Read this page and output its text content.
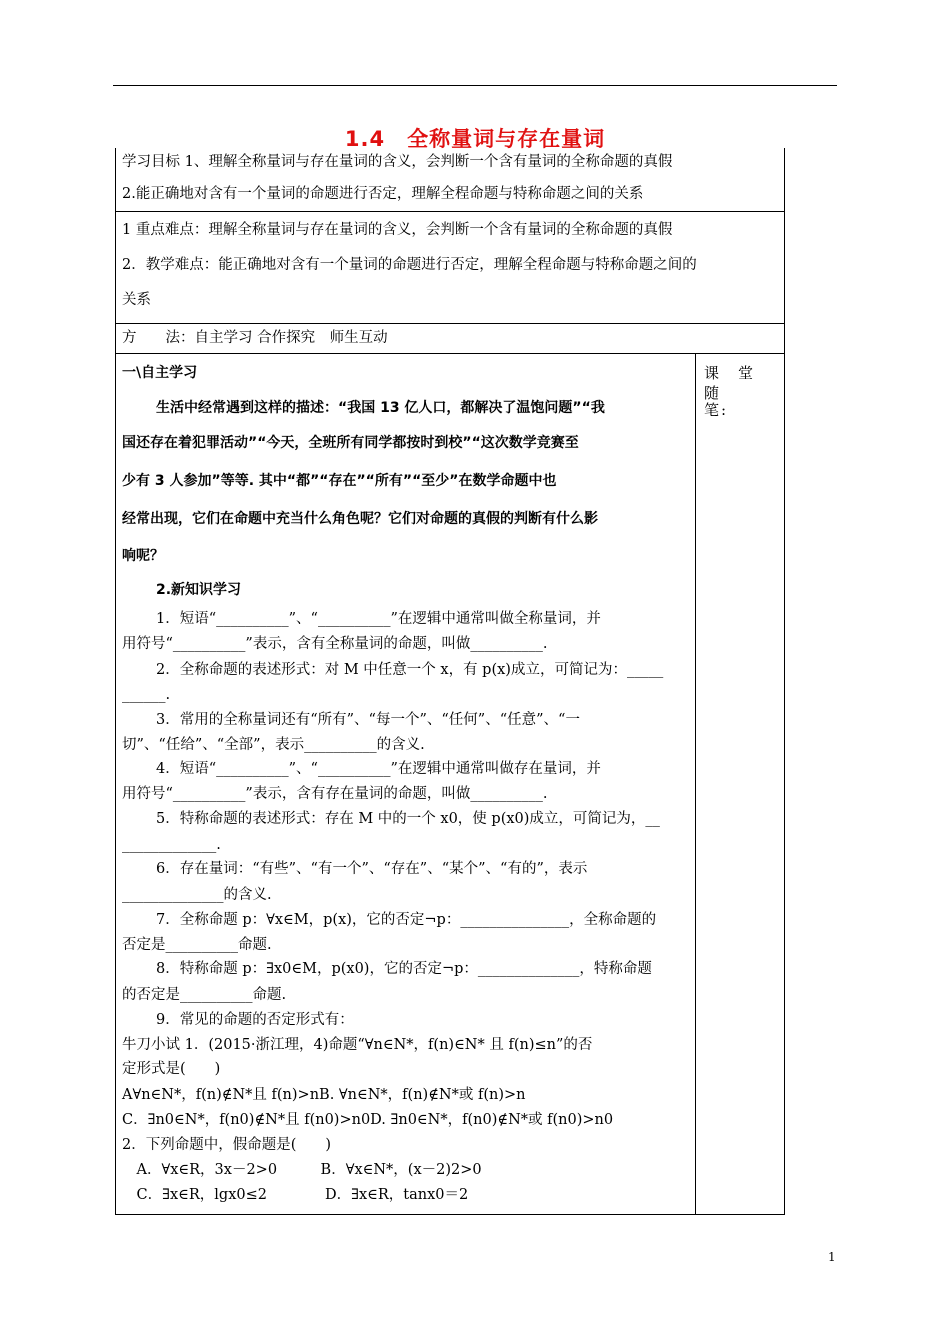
1.4 全称量词与存在量词
学习目标 1、理解全称量词与存在量词的含义，会判断一个含有量词的全称命题的真假
2.能正确地对含有一个量词的命题进行否定，理解全程命题与特称命题之间的关系
1 重点难点：理解全称量词与存在量词的含义，会判断一个含有量词的全称命题的真假
2．教学难点：能正确地对含有一个量词的命题进行否定，理解全程命题与特称命题之间的
关系
方　　法：自主学习 合作探究　师生互动
一\自主学习
生活中经常遇到这样的描述：“我国 13 亿人口，都解决了温饱问题”“我
国还存在着犯罪活动”“今天，全班所有同学都按时到校”“这次数学竞赛至
少有 3 人参加”等等. 其中“都”“存在”“所有”“至少”在数学命题中也
经常出现，它们在命题中充当什么角色呢？它们对命题的真假的判断有什么影
响呢？
2.新知识学习
1．短语“__________”、“__________”在逻辑中通常叫做全称量词，并
用符号“__________”表示，含有全称量词的命题，叫做__________.
2．全称命题的表述形式：对 M 中任意一个 x，有 p(x)成立，可简记为：_____
______.
3．常用的全称量词还有“所有”、“每一个”、“任何”、“任意”、“一
切”、“任给”、“全部”，表示__________的含义.
4．短语“__________”、“__________”在逻辑中通常叫做存在量词，并
用符号“__________”表示，含有存在量词的命题，叫做__________.
5．特称命题的表述形式：存在 M 中的一个 x0，使 p(x0)成立，可简记为，__
_____________.
6．存在量词：“有些”、“有一个”、“存在”、“某个”、“有的”，表示
______________的含义.
7．全称命题 p：∀x∈M，p(x)，它的否定¬p：_______________，全称命题的
否定是__________命题.
8．特称命题 p：∃x0∈M，p(x0)，它的否定¬p：______________，特称命题
的否定是__________命题.
9．常见的命题的否定形式有：
牛刀小试 1．(2015·浙江理，4)命题“∀n∈N*，f(n)∈N* 且 f(n)≤n”的否
定形式是(　　)
A∀n∈N*，f(n)∉N*且 f(n)>nB. ∀n∈N*，f(n)∉N*或 f(n)>n
C．∃n0∈N*，f(n0)∉N*且 f(n0)>n0D. ∃n0∈N*，f(n0)∉N*或 f(n0)>n0
2．下列命题中，假命题是(　　)
　A．∀x∈R，3x－2>0　　　B．∀x∈N*，(x－2)2>0
　C．∃x∈R，lgx0≤2　　　　D．∃x∈R，tanx0＝2
课　堂　随
笔:
1
